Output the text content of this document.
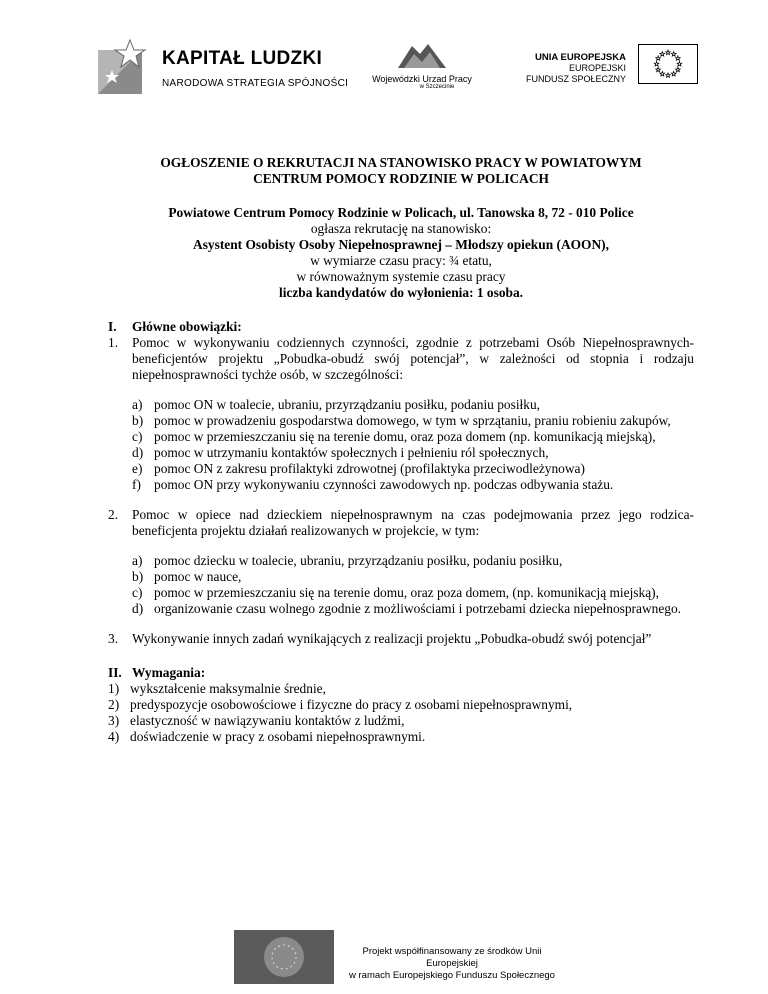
KAPITAŁ LUDZKI
NARODOWA STRATEGIA SPÓJNOŚCI	Wojewódzki Urzad Pracy
w Szczecinie
UNIA EUROPEJSKA
EUROPEJSKI
FUNDUSZ SPOŁECZNY
OGŁOSZENIE O REKRUTACJI NA STANOWISKO PRACY W POWIATOWYM
CENTRUM POMOCY RODZINIE W POLICACH
Powiatowe Centrum Pomocy Rodzinie w Policach, ul. Tanowska 8, 72 - 010 Police
ogłasza rekrutację na stanowisko:
Asystent Osobisty Osoby Niepełnosprawnej – Młodszy opiekun (AOON),
w wymiarze czasu pracy: ¾ etatu,
w równoważnym systemie czasu pracy
liczba kandydatów do wyłonienia: 1 osoba.
I. Główne obowiązki:
1. Pomoc w wykonywaniu codziennych czynności, zgodnie z potrzebami Osób Niepełnosprawnych-beneficjentów projektu „Pobudka-obudź swój potencjał”, w zależności od stopnia i rodzaju niepełnosprawności tychże osób, w szczególności:
a) pomoc ON w toalecie, ubraniu, przyrządzaniu posiłku, podaniu posiłku,
b) pomoc w prowadzeniu gospodarstwa domowego, w tym w sprzątaniu, praniu robieniu zakupów,
c) pomoc w przemieszczaniu się na terenie domu, oraz poza domem (np. komunikacją miejską),
d) pomoc w utrzymaniu kontaktów społecznych i pełnieniu ról społecznych,
e) pomoc ON z zakresu profilaktyki zdrowotnej (profilaktyka przeciwodleżynowa)
f) pomoc ON przy wykonywaniu czynności zawodowych np. podczas odbywania stażu.
2. Pomoc w opiece nad dzieckiem niepełnosprawnym na czas podejmowania przez jego rodzica- beneficjenta projektu działań realizowanych w projekcie, w tym:
a) pomoc dziecku w toalecie, ubraniu, przyrządzaniu posiłku, podaniu posiłku,
b) pomoc w nauce,
c) pomoc w przemieszczaniu się na terenie domu, oraz poza domem, (np. komunikacją miejską),
d) organizowanie czasu wolnego zgodnie z możliwościami i potrzebami dziecka niepełnosprawnego.
3. Wykonywanie innych zadań wynikających z realizacji projektu „Pobudka-obudź swój potencjał”
II. Wymagania:
1) wykształcenie maksymalnie średnie,
2) predyspozycje osobowościowe i fizyczne do pracy z osobami niepełnosprawnymi,
3) elastyczność w nawiązywaniu kontaktów z ludźmi,
4) doświadczenie w pracy z osobami niepełnosprawnymi.
Projekt współfinansowany ze środków Unii Europejskiej
w ramach Europejskiego Funduszu Społecznego
